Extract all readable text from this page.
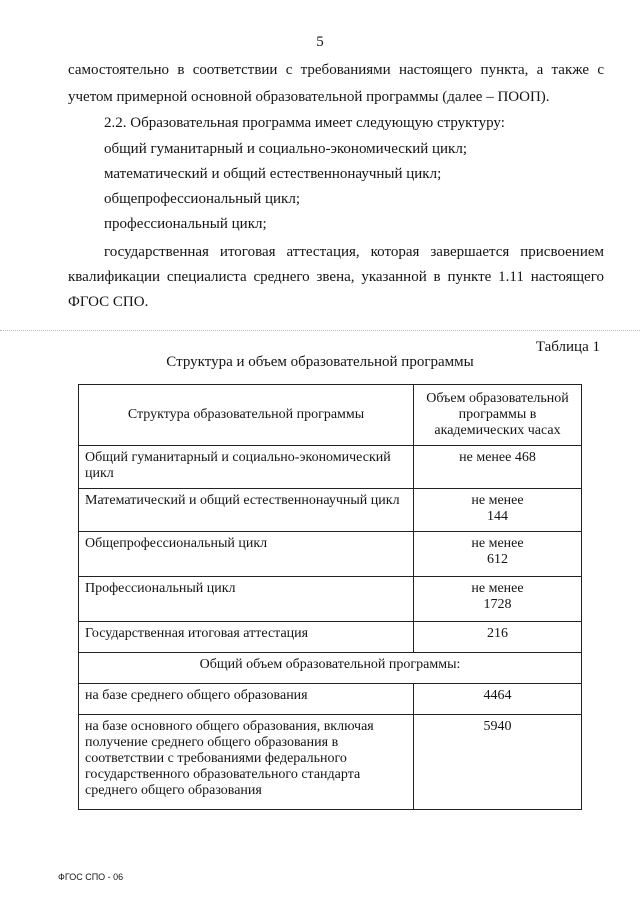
5
самостоятельно в соответствии с требованиями настоящего пункта, а также с
учетом примерной основной образовательной программы (далее – ПООП).
2.2. Образовательная программа имеет следующую структуру:
общий гуманитарный и социально-экономический цикл;
математический и общий естественнонаучный цикл;
общепрофессиональный цикл;
профессиональный цикл;
государственная итоговая аттестация, которая завершается присвоением
квалификации специалиста среднего звена, указанной в пункте 1.11 настоящего
ФГОС СПО.
Таблица 1
Структура и объем образовательной программы
Структура образовательной программы	Объем образовательной программы в академических часах
Общий гуманитарный и социально-экономический цикл	не менее 468
Математический и общий естественнонаучный цикл	не менее
144

Общепрофессиональный цикл	не менее
612

Профессиональный цикл	не менее
1728

Государственная итоговая аттестация	216
Общий объем образовательной программы:	
на базе среднего общего образования	4464
на базе основного общего образования, включая получение среднего общего образования в соответствии с требованиями федерального государственного образовательного стандарта среднего общего образования	5940
ФГОС СПО - 06
